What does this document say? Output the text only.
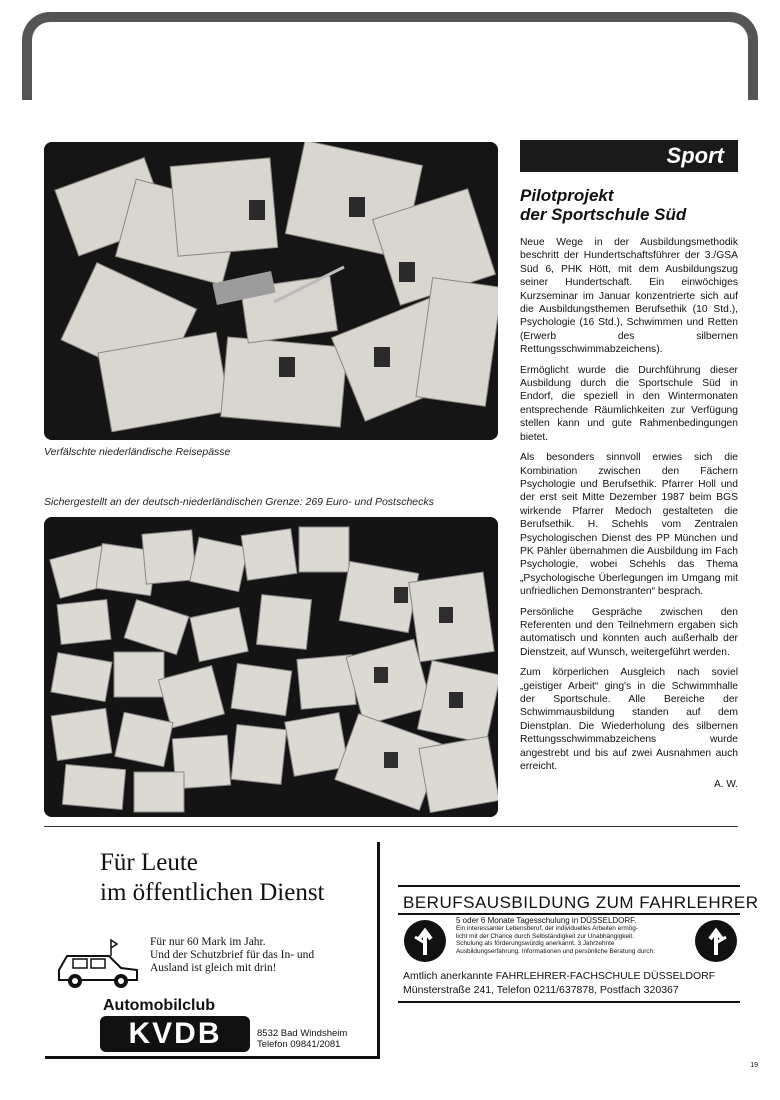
Verfälschte niederländische Reisepässe
Sichergestellt an der deutsch-niederländischen Grenze: 269 Euro- und Postschecks
Sport
Pilotprojekt
der Sportschule Süd

Neue Wege in der Ausbildungsmethodik beschritt der Hundertschaftsführer der 3./GSA Süd 6, PHK Hött, mit dem Ausbildungszug seiner Hundertschaft. Ein einwöchiges Kurzseminar im Januar konzentrierte sich auf die Ausbildungsthemen Berufsethik (10 Std.), Psychologie (16 Std.), Schwimmen und Retten (Erwerb des silbernen Rettungsschwimmabzeichens).

Ermöglicht wurde die Durchführung dieser Ausbildung durch die Sportschule Süd in Endorf, die speziell in den Wintermonaten entsprechende Räumlichkeiten zur Verfügung stellen kann und gute Rahmenbedingungen bietet.

Als besonders sinnvoll erwies sich die Kombination zwischen den Fächern Psychologie und Berufsethik. Pfarrer Holl und der erst seit Mitte Dezember 1987 beim BGS wirkende Pfarrer Medoch gestalteten die Berufsethik. H. Schehls vom Zentralen Psychologischen Dienst des PP München und PK Pähler übernahmen die Ausbildung im Fach Psychologie, wobei Schehls das Thema „Psychologische Überlegungen im Umgang mit unfriedlichen Demonstranten“ besprach.

Persönliche Gespräche zwischen den Referenten und den Teilnehmern ergaben sich automatisch und konnten auch außerhalb der Dienstzeit, auf Wunsch, weitergeführt werden.

Zum körperlichen Ausgleich nach soviel „geistiger Arbeit“ ging's in die Schwimmhalle der Sportschule. Alle Bereiche der Schwimmausbildung standen auf dem Dienstplan. Die Wiederholung des silbernen Rettungsschwimmabzeichens wurde angestrebt und bis auf zwei Ausnahmen auch erreicht.

A. W.
Für Leute
im öffentlichen Dienst
Für nur 60 Mark im Jahr.
Und der Schutzbrief für das In- und
Ausland ist gleich mit drin!
Automobilclub
KVDB	8532 Bad Windsheim
Telefon 09841/2081
BERUFSAUSBILDUNG ZUM FAHRLEHRER
5 oder 6 Monate Tagesschulung in DÜSSELDORF.
Ein interessanter Lebensberuf, der individuelles Arbeiten ermög-
licht mit der Chance durch Selbständigkeit zur Unabhängigkeit.
Schulung als förderungswürdig anerkannt. 3 Jahrzehnte
Ausbildungserfahrung. Informationen und persönliche Beratung durch:
Amtlich anerkannte FAHRLEHRER-FACHSCHULE DÜSSELDORF
Münsterstraße 241, Telefon 0211/637878, Postfach 320367
19
